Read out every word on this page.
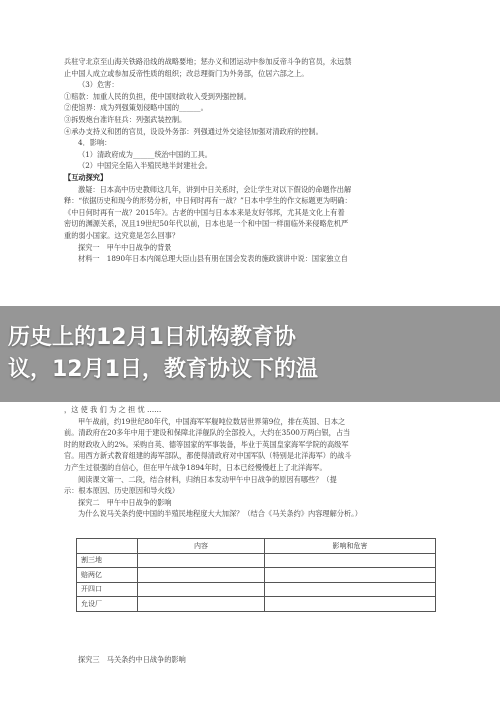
兵驻守北京至山海关铁路沿线的战略要地；惩办义和团运动中参加反帝斗争的官员，永远禁
止中国人成立或参加反帝性质的组织；改总理衙门为外务部，位居六部之上。
（3）危害：
①赔款：加重人民的负担，使中国财政收入受到列强控制。
②使馆界：成为列强策划侵略中国的______。
③拆毁炮台准许驻兵：列强武装控制。
④承办支持义和团的官员，设设外务部：列强通过外交途径加强对清政府的控制。
4．影响：
（1）清政府成为______统治中国的工具。
（2）中国完全陷入半殖民地半封建社会。
【互动探究】
激疑：日本高中历史教师这几年，讲到中日关系时，会让学生对以下假设的命题作出解
释：“依据历史和现今的形势分析，中日何时再有一战？”日本中学生的作文标题更为明确：
《中日何时再有一战？2015年》。古老的中国与日本本来是友好邻邦，尤其是文化上有着
密切的渊源关系，况且19世纪50年代以前，日本也是一个和中国一样面临外来侵略危机严
重的弱小国家。这究竟是怎么回事？
探究一　甲午中日战争的背景
材料一　1890年日本内阁总理大臣山县有朋在国会发表的施政演讲中说：国家独立自
历史上的12月1日机构教育协
议，12月1日，教育协议下的温
，这 使 我 们 为 之 担 忧 ……
甲午战前，约19世纪80年代，中国海军军舰吨位数居世界第9位，排在英国、日本之
前。清政府在20多年中用于建设和保障北洋舰队的全部投入，大约在3500万两白银，占当
时的财政收入的2%。采购自英、德等国家的军事装备，毕业于英国皇家海军学院的高级军
官。用西方新式教育组建的海军部队，都使得清政府对中国军队（特别是北洋海军）的战斗
力产生过很强的自信心，但在甲午战争1894年时，日本已经慢慢赶上了北洋海军。
阅读课文第一、二段，结合材料，归纳日本发动甲午中日战争的原因有哪些？（提
示：根本原因、历史原因和导火线）
探究二　甲午中日战争的影响
为什么说马关条约使中国的半殖民地程度大大加深？（结合《马关条约》内容理解分析。）
	内容	影响和危害
割三地		
赔两亿		
开四口		
允设厂		
探究三　马关条约中日战争的影响
